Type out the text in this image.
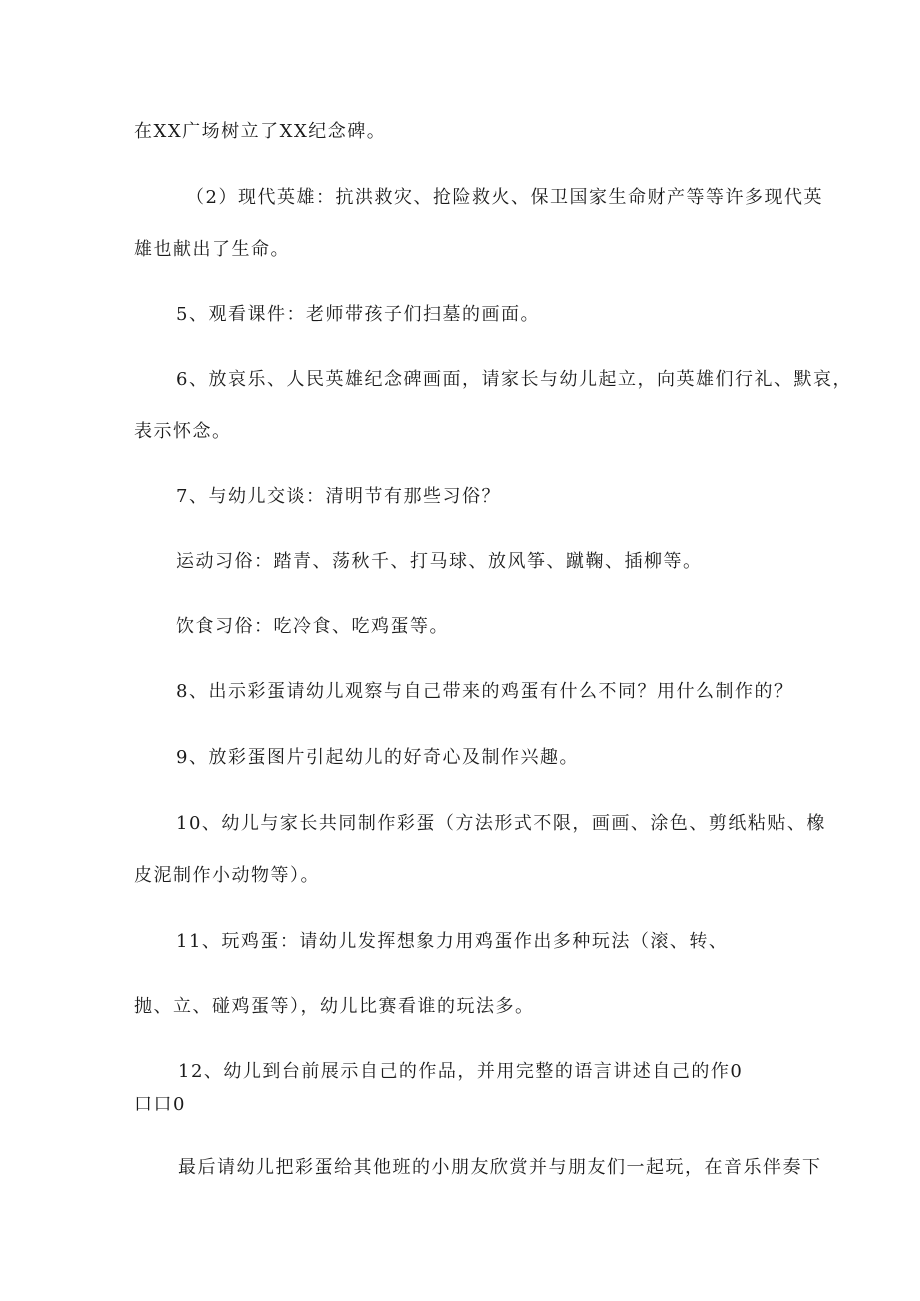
在XX广场树立了XX纪念碑。
（2）现代英雄：抗洪救灾、抢险救火、保卫国家生命财产等等许多现代英
雄也献出了生命。
5、观看课件：老师带孩子们扫墓的画面。
6、放哀乐、人民英雄纪念碑画面，请家长与幼儿起立，向英雄们行礼、默哀，
表示怀念。
7、与幼儿交谈：清明节有那些习俗？
运动习俗：踏青、荡秋千、打马球、放风筝、蹴鞠、插柳等。
饮食习俗：吃冷食、吃鸡蛋等。
8、出示彩蛋请幼儿观察与自己带来的鸡蛋有什么不同？用什么制作的？
9、放彩蛋图片引起幼儿的好奇心及制作兴趣。
10、幼儿与家长共同制作彩蛋（方法形式不限，画画、涂色、剪纸粘贴、橡
皮泥制作小动物等）。
11、玩鸡蛋：请幼儿发挥想象力用鸡蛋作出多种玩法（滚、转、
抛、立、碰鸡蛋等），幼儿比赛看谁的玩法多。
12、幼儿到台前展示自己的作品，并用完整的语言讲述自己的作0
口口0
最后请幼儿把彩蛋给其他班的小朋友欣赏并与朋友们一起玩，在音乐伴奏下
